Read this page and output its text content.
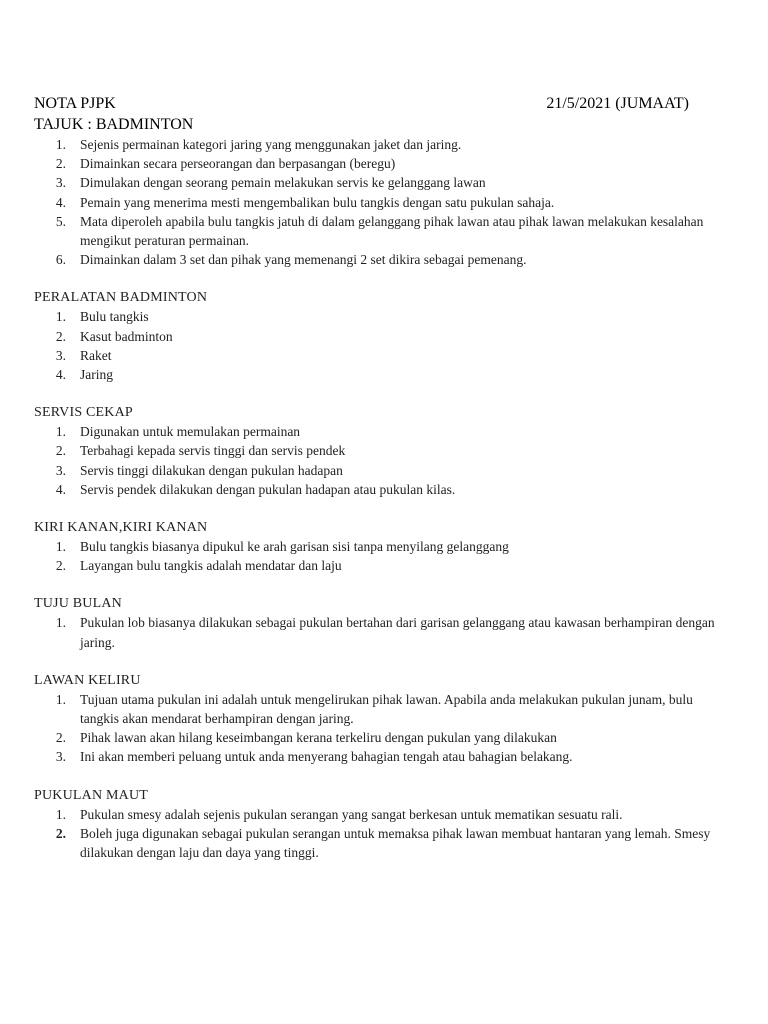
NOTA PJPK	21/5/2021 (JUMAAT)
TAJUK : BADMINTON
1. Sejenis permainan kategori jaring yang menggunakan jaket dan jaring.
2. Dimainkan secara perseorangan dan berpasangan (beregu)
3. Dimulakan dengan seorang pemain melakukan servis ke gelanggang lawan
4. Pemain yang menerima mesti mengembalikan bulu tangkis dengan satu pukulan sahaja.
5. Mata diperoleh apabila bulu tangkis jatuh di dalam gelanggang pihak lawan atau pihak lawan melakukan kesalahan mengikut peraturan permainan.
6. Dimainkan dalam 3 set dan pihak yang memenangi 2 set dikira sebagai pemenang.
PERALATAN BADMINTON
1. Bulu tangkis
2. Kasut badminton
3. Raket
4. Jaring
SERVIS CEKAP
1. Digunakan untuk memulakan permainan
2. Terbahagi kepada servis tinggi dan servis pendek
3. Servis tinggi dilakukan dengan pukulan hadapan
4. Servis pendek dilakukan dengan pukulan hadapan atau pukulan kilas.
KIRI KANAN,KIRI KANAN
1. Bulu tangkis biasanya dipukul ke arah garisan sisi tanpa menyilang gelanggang
2. Layangan bulu tangkis adalah mendatar dan laju
TUJU BULAN
1. Pukulan lob biasanya dilakukan sebagai pukulan bertahan dari garisan gelanggang atau kawasan berhampiran dengan jaring.
LAWAN KELIRU
1. Tujuan utama pukulan ini adalah untuk mengelirukan pihak lawan. Apabila anda melakukan pukulan junam, bulu tangkis akan mendarat berhampiran dengan jaring.
2. Pihak lawan akan hilang keseimbangan kerana terkeliru dengan pukulan yang dilakukan
3. Ini akan memberi peluang untuk anda menyerang bahagian tengah atau bahagian belakang.
PUKULAN MAUT
1. Pukulan smesy adalah sejenis pukulan serangan yang sangat berkesan untuk mematikan sesuatu rali.
2. Boleh juga digunakan sebagai pukulan serangan untuk memaksa pihak lawan membuat hantaran yang lemah. Smesy dilakukan dengan laju dan daya yang tinggi.
